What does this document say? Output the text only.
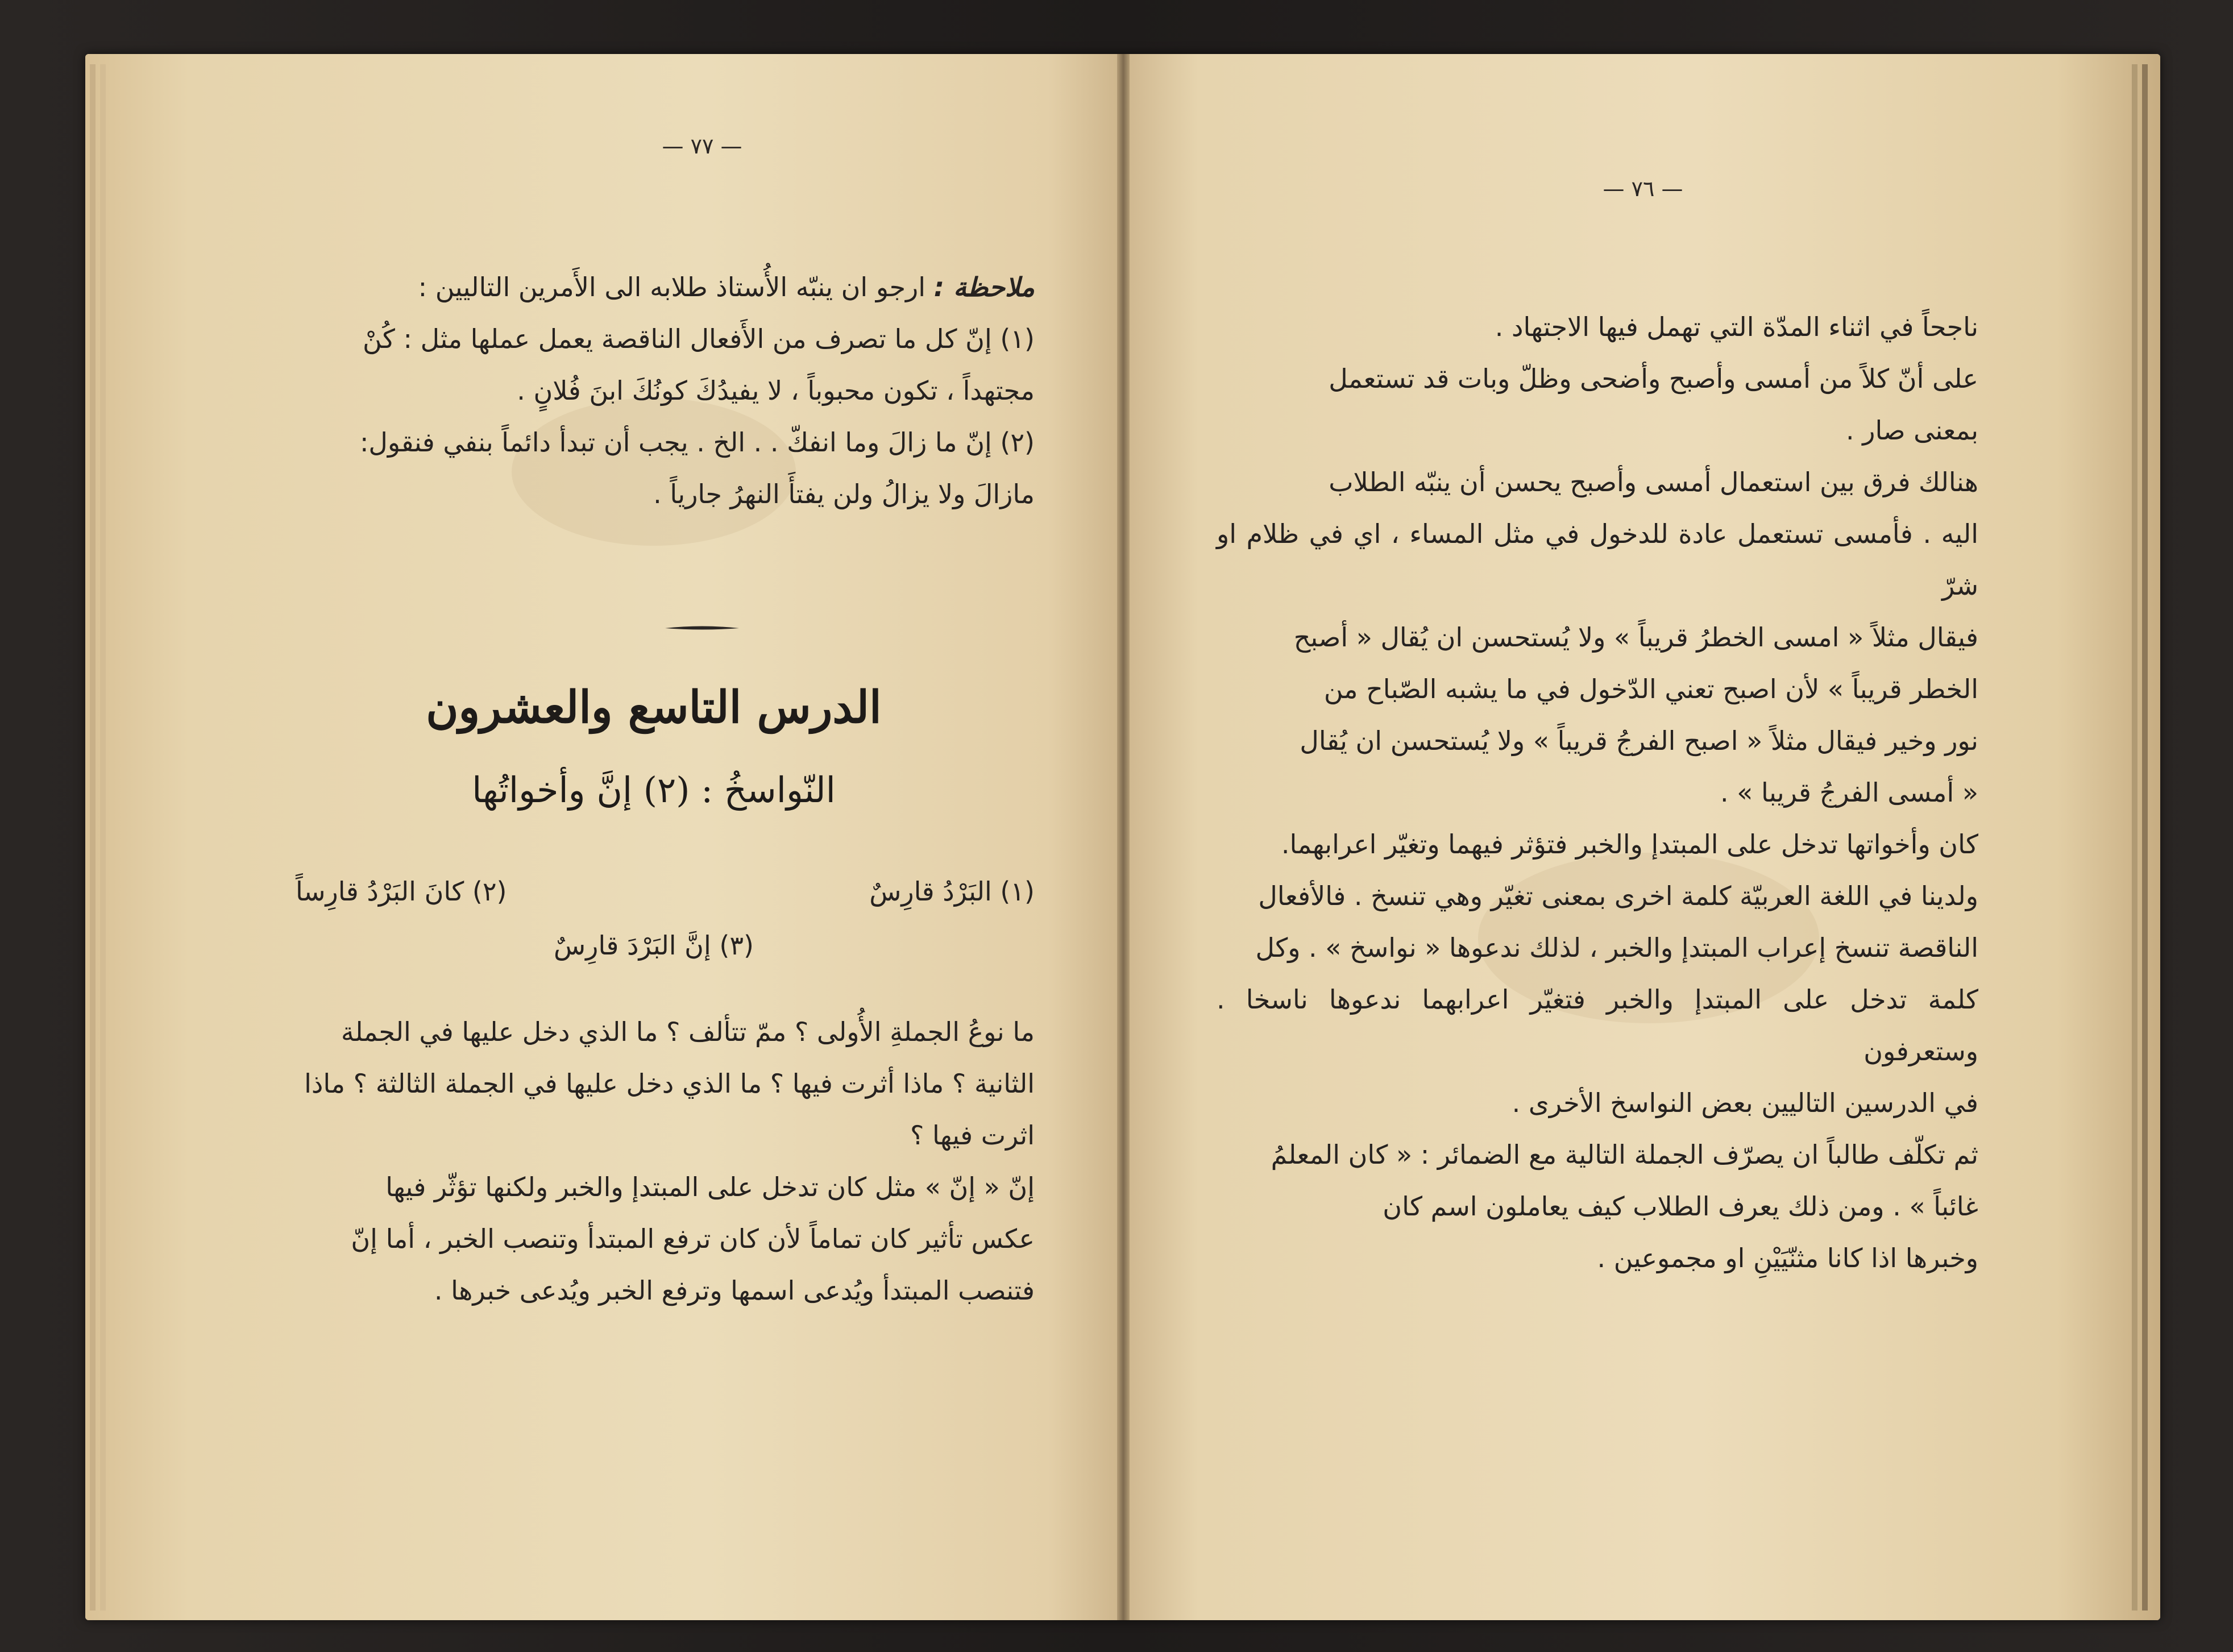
— ٧٧ —

ملاحظة : ارجو ان ينبّه الأُستاذ طلابه الى الأَمرين التاليين :

(١) إنّ كل ما تصرف من الأَفعال الناقصة يعمل عملها مثل : كُنْ

مجتهداً ، تكون محبوباً ، لا يفيدُكَ كونُكَ ابنَ فُلانٍ .

(٢) إنّ ما زالَ وما انفكّ . . الخ . يجب أن تبدأ دائماً بنفي فنقول:

مازالَ ولا يزالُ ولن يفتأَ النهرُ جارياً .

الدرس التاسع والعشرون
النّواسخُ : (٢) إنَّ وأخواتُها
(١) البَرْدُ قارِسٌ
(٢) كانَ البَرْدُ قارِساً
(٣) إنَّ البَرْدَ قارِسٌ

ما نوعُ الجملةِ الأُولى ؟ ممّ تتألف ؟ ما الذي دخل عليها في الجملة

الثانية ؟ ماذا أثرت فيها ؟ ما الذي دخل عليها في الجملة الثالثة ؟ ماذا

اثرت فيها ؟

إنّ « إنّ » مثل كان تدخل على المبتدإ والخبر ولكنها تؤثّر فيها

عكس تأثير كان تماماً لأن كان ترفع المبتدأ وتنصب الخبر ، أما إنّ

فتنصب المبتدأ ويُدعى اسمها وترفع الخبر ويُدعى خبرها .

— ٧٦ —

ناجحاً في اثناء المدّة التي تهمل فيها الاجتهاد .

على أنّ كلاً من أمسى وأصبح وأضحى وظلّ وبات قد تستعمل

بمعنى صار .

هنالك فرق بين استعمال أمسى وأصبح يحسن أن ينبّه الطلاب

اليه . فأمسى تستعمل عادة للدخول في مثل المساء ، اي في ظلام او شرّ

فيقال مثلاً « امسى الخطرُ قريباً » ولا يُستحسن ان يُقال « أصبح

الخطر قريباً » لأن اصبح تعني الدّخول في ما يشبه الصّباح من

نور وخير فيقال مثلاً « اصبح الفرجُ قريباً » ولا يُستحسن ان يُقال

« أمسى الفرجُ قريبا » .

كان وأخواتها تدخل على المبتدإ والخبر فتؤثر فيهما وتغيّر اعرابهما.

ولدينا في اللغة العربيّة كلمة اخرى بمعنى تغيّر وهي تنسخ . فالأفعال

الناقصة تنسخ إعراب المبتدإ والخبر ، لذلك ندعوها « نواسخ » . وكل

كلمة تدخل على المبتدإ والخبر فتغيّر اعرابهما ندعوها ناسخا . وستعرفون

في الدرسين التاليين بعض النواسخ الأخرى .

ثم تكلّف طالباً ان يصرّف الجملة التالية مع الضمائر : « كان المعلمُ

غائباً » . ومن ذلك يعرف الطلاب كيف يعاملون اسم كان

وخبرها اذا كانا مثنّيَيْنِ او مجموعين .
